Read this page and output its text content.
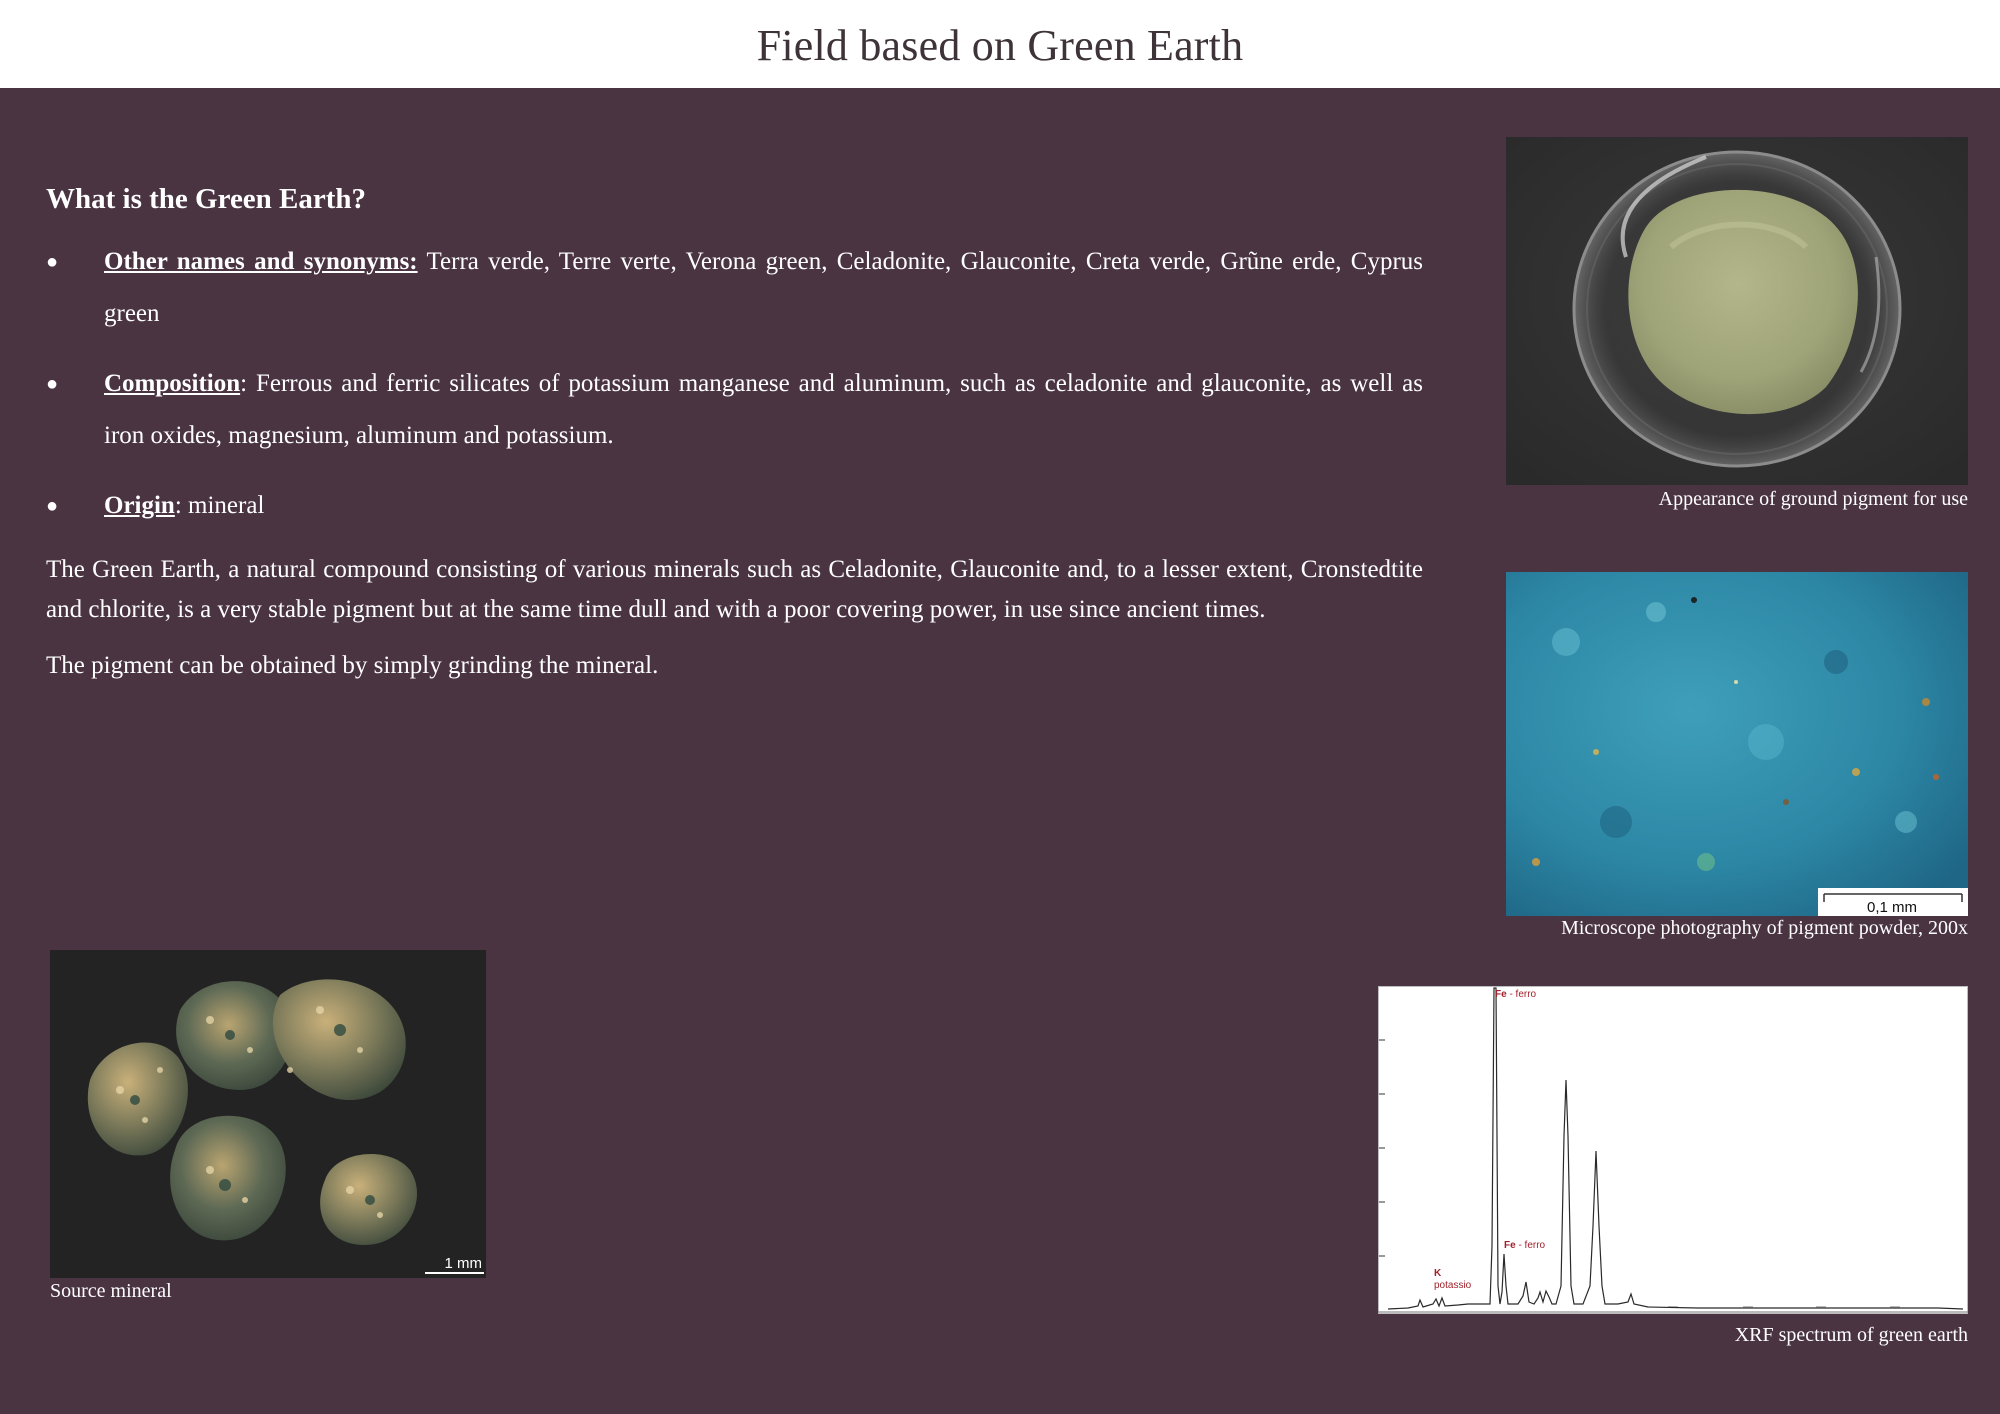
Field based on Green Earth
What is the Green Earth?
● Other names and synonyms: Terra verde, Terre verte, Verona green, Celadonite, Glauconite, Creta verde, Grũne erde, Cyprus green
● Composition: Ferrous and ferric silicates of potassium manganese and aluminum, such as celadonite and glauconite, as well as iron oxides, magnesium, aluminum and potassium.
● Origin: mineral

The Green Earth, a natural compound consisting of various minerals such as Celadonite, Glauconite and, to a lesser extent, Cronstedtite and chlorite, is a very stable pigment but at the same time dull and with a poor covering power, in use since ancient times.

The pigment can be obtained by simply grinding the mineral.

Appearance of ground pigment for use
0,1 mm
Microscope photography of pigment powder, 200x
1 mm
Source mineral
Fe - ferro
Fe - ferro
K
potassio
XRF spectrum of green earth
